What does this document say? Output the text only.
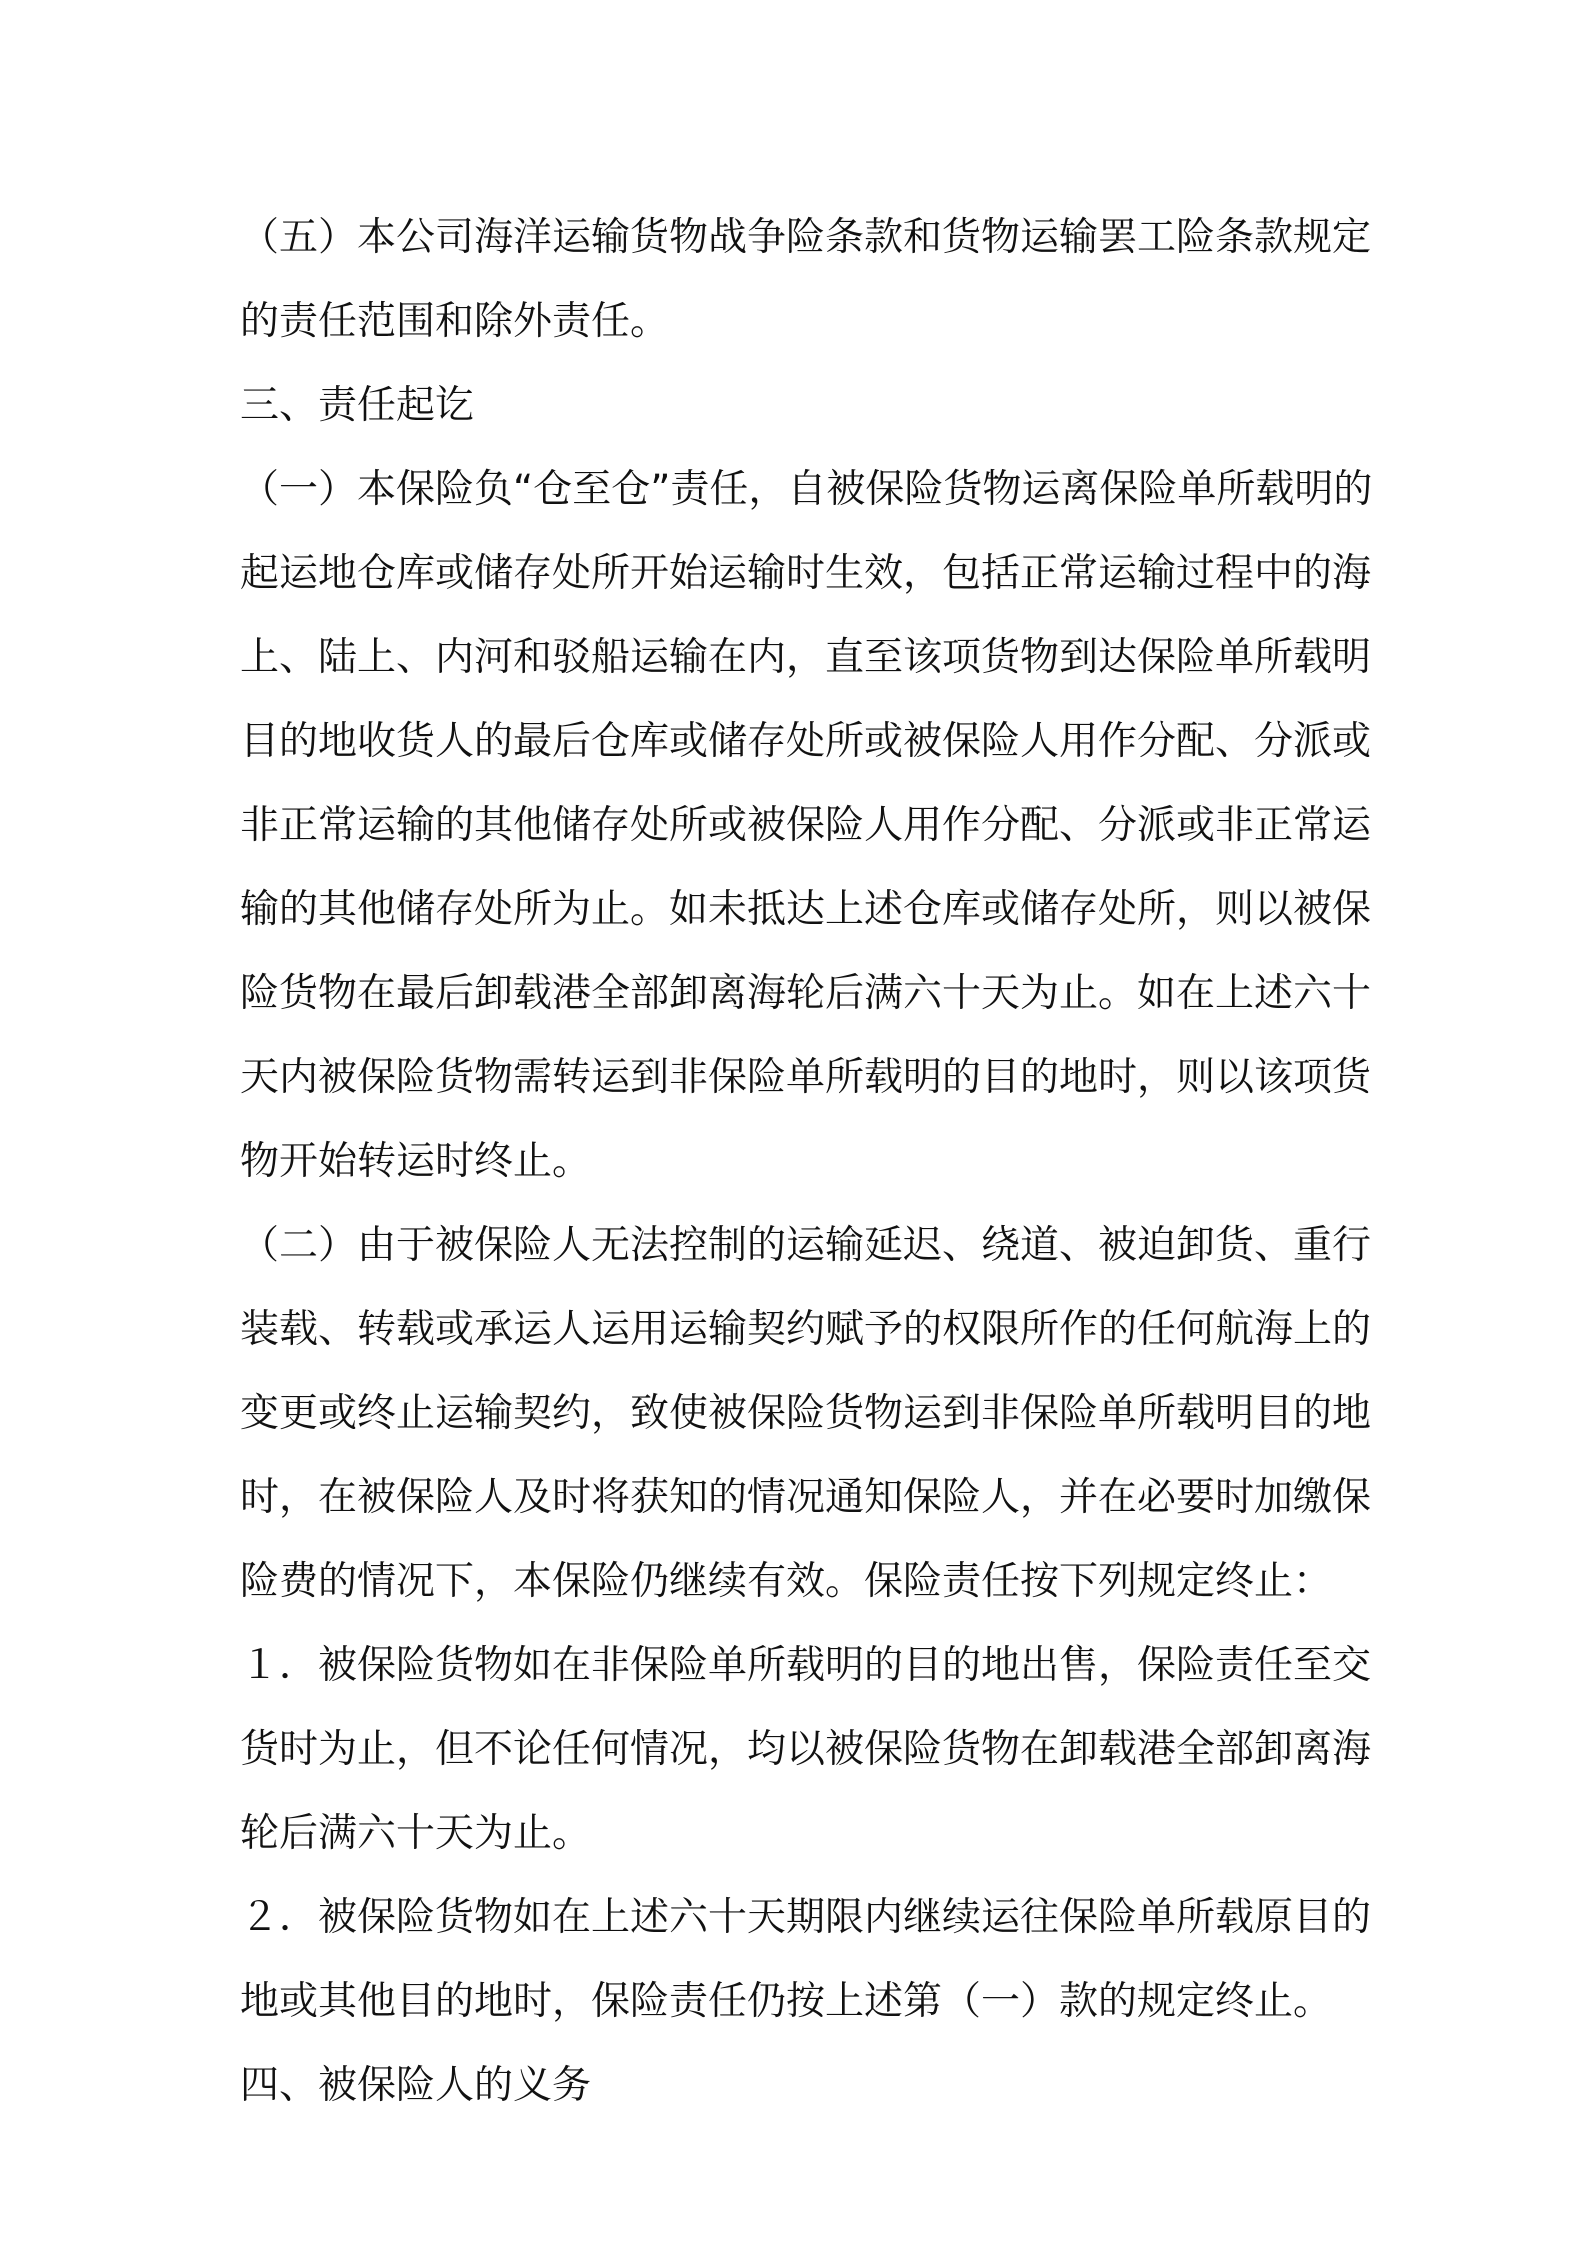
（五）本公司海洋运输货物战争险条款和货物运输罢工险条款规定的责任范围和除外责任。

三、责任起讫

（一）本保险负“仓至仓”责任，自被保险货物运离保险单所载明的起运地仓库或储存处所开始运输时生效，包括正常运输过程中的海上、陆上、内河和驳船运输在内，直至该项货物到达保险单所载明目的地收货人的最后仓库或储存处所或被保险人用作分配、分派或非正常运输的其他储存处所或被保险人用作分配、分派或非正常运输的其他储存处所为止。如未抵达上述仓库或储存处所，则以被保险货物在最后卸载港全部卸离海轮后满六十天为止。如在上述六十天内被保险货物需转运到非保险单所载明的目的地时，则以该项货物开始转运时终止。

（二）由于被保险人无法控制的运输延迟、绕道、被迫卸货、重行装载、转载或承运人运用运输契约赋予的权限所作的任何航海上的变更或终止运输契约，致使被保险货物运到非保险单所载明目的地时，在被保险人及时将获知的情况通知保险人，并在必要时加缴保险费的情况下，本保险仍继续有效。保险责任按下列规定终止：

１．被保险货物如在非保险单所载明的目的地出售，保险责任至交货时为止，但不论任何情况，均以被保险货物在卸载港全部卸离海轮后满六十天为止。

２．被保险货物如在上述六十天期限内继续运往保险单所载原目的地或其他目的地时，保险责任仍按上述第（一）款的规定终止。四、被保险人的义务
